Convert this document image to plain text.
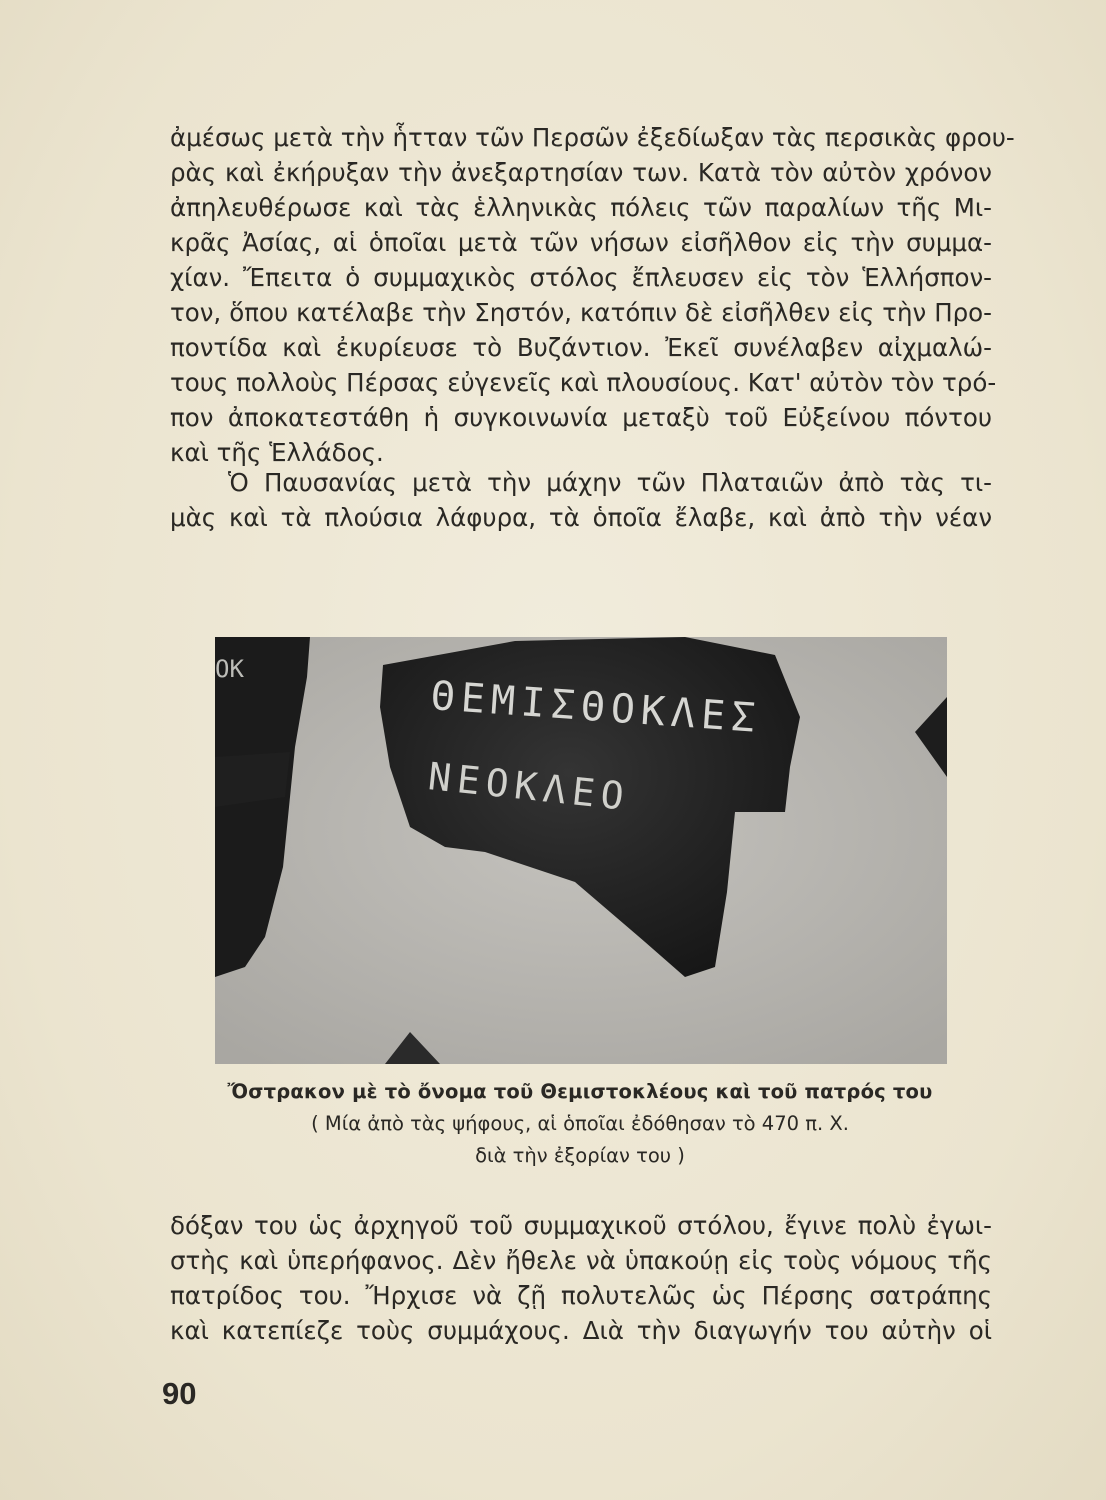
ἀμέσως μετὰ τὴν ἧτταν τῶν Περσῶν ἐξεδίωξαν τὰς περσικὰς φρου-
ρὰς καὶ ἐκήρυξαν τὴν ἀνεξαρτησίαν των. Κατὰ τὸν αὐτὸν χρόνον
ἀπηλευθέρωσε καὶ τὰς ἑλληνικὰς πόλεις τῶν παραλίων τῆς Μι-
κρᾶς Ἀσίας, αἱ ὁποῖαι μετὰ τῶν νήσων εἰσῆλθον εἰς τὴν συμμα-
χίαν. Ἔπειτα ὁ συμμαχικὸς στόλος ἔπλευσεν εἰς τὸν Ἑλλήσπον-
τον, ὅπου κατέλαβε τὴν Σηστόν, κατόπιν δὲ εἰσῆλθεν εἰς τὴν Προ-
ποντίδα καὶ ἐκυρίευσε τὸ Βυζάντιον. Ἐκεῖ συνέλαβεν αἰχμαλώ-
τους πολλοὺς Πέρσας εὐγενεῖς καὶ πλουσίους. Κατ' αὐτὸν τὸν τρό-
πον ἀποκατεστάθη ἡ συγκοινωνία μεταξὺ τοῦ Εὐξείνου πόντου
καὶ τῆς Ἑλλάδος.
Ὁ Παυσανίας μετὰ τὴν μάχην τῶν Πλαταιῶν ἀπὸ τὰς τι-
μὰς καὶ τὰ πλούσια λάφυρα, τὰ ὁποῖα ἔλαβε, καὶ ἀπὸ τὴν νέαν
ΘΕΜΙΣΘΟΚΛΕΣ
ΝΕΟΚΛΕΟ
ΟΚ
Ὄστρακον μὲ τὸ ὄνομα τοῦ Θεμιστοκλέους καὶ τοῦ πατρός του
( Μία ἀπὸ τὰς ψήφους, αἱ ὁποῖαι ἐδόθησαν τὸ 470 π. Χ.
διὰ τὴν ἐξορίαν του )
δόξαν του ὡς ἀρχηγοῦ τοῦ συμμαχικοῦ στόλου, ἔγινε πολὺ ἐγωι-
στὴς καὶ ὑπερήφανος. Δὲν ἤθελε νὰ ὑπακούῃ εἰς τοὺς νόμους τῆς
πατρίδος του. Ἤρχισε νὰ ζῇ πολυτελῶς ὡς Πέρσης σατράπης
καὶ κατεπίεζε τοὺς συμμάχους. Διὰ τὴν διαγωγήν του αὐτὴν οἱ
90
